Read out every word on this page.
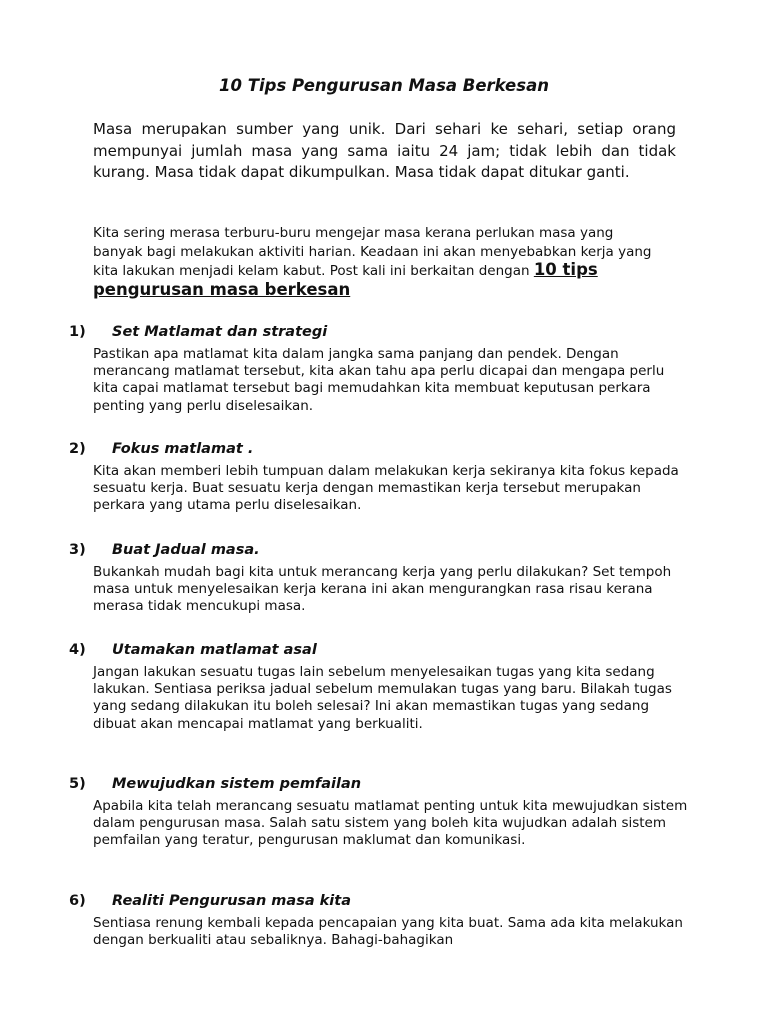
10 Tips Pengurusan Masa Berkesan

Masa merupakan sumber yang unik. Dari sehari ke sehari, setiap orang mempunyai jumlah masa yang sama iaitu 24 jam; tidak lebih dan tidak kurang. Masa tidak dapat dikumpulkan. Masa tidak dapat ditukar ganti.

Kita sering merasa terburu-buru mengejar masa kerana perlukan masa yang banyak bagi melakukan aktiviti harian. Keadaan ini akan menyebabkan kerja yang kita lakukan menjadi kelam kabut. Post kali ini berkaitan dengan 10 tips pengurusan masa berkesan

1) Set Matlamat dan strategi

Pastikan apa matlamat kita dalam jangka sama panjang dan pendek. Dengan merancang matlamat tersebut, kita akan tahu apa perlu dicapai dan mengapa perlu kita capai matlamat tersebut bagi memudahkan kita membuat keputusan perkara penting yang perlu diselesaikan.

2) Fokus matlamat .

Kita akan memberi lebih tumpuan dalam melakukan kerja sekiranya kita fokus kepada sesuatu kerja. Buat sesuatu kerja dengan memastikan kerja tersebut merupakan perkara yang utama perlu diselesaikan.

3) Buat Jadual masa.

Bukankah mudah bagi kita untuk merancang kerja yang perlu dilakukan? Set tempoh masa untuk menyelesaikan kerja kerana ini akan mengurangkan rasa risau kerana merasa tidak mencukupi masa.

4) Utamakan matlamat asal

Jangan lakukan sesuatu tugas lain sebelum menyelesaikan tugas yang kita sedang lakukan. Sentiasa periksa jadual sebelum memulakan tugas yang baru. Bilakah tugas yang sedang dilakukan itu boleh selesai? Ini akan memastikan tugas yang sedang dibuat akan mencapai matlamat yang berkualiti.

5) Mewujudkan sistem pemfailan

Apabila kita telah merancang sesuatu matlamat penting untuk kita mewujudkan sistem dalam pengurusan masa. Salah satu sistem yang boleh kita wujudkan adalah sistem pemfailan yang teratur, pengurusan maklumat dan komunikasi.

6) Realiti Pengurusan masa kita

Sentiasa renung kembali kepada pencapaian yang kita buat. Sama ada kita melakukan dengan berkualiti atau sebaliknya. Bahagi-bahagikan
